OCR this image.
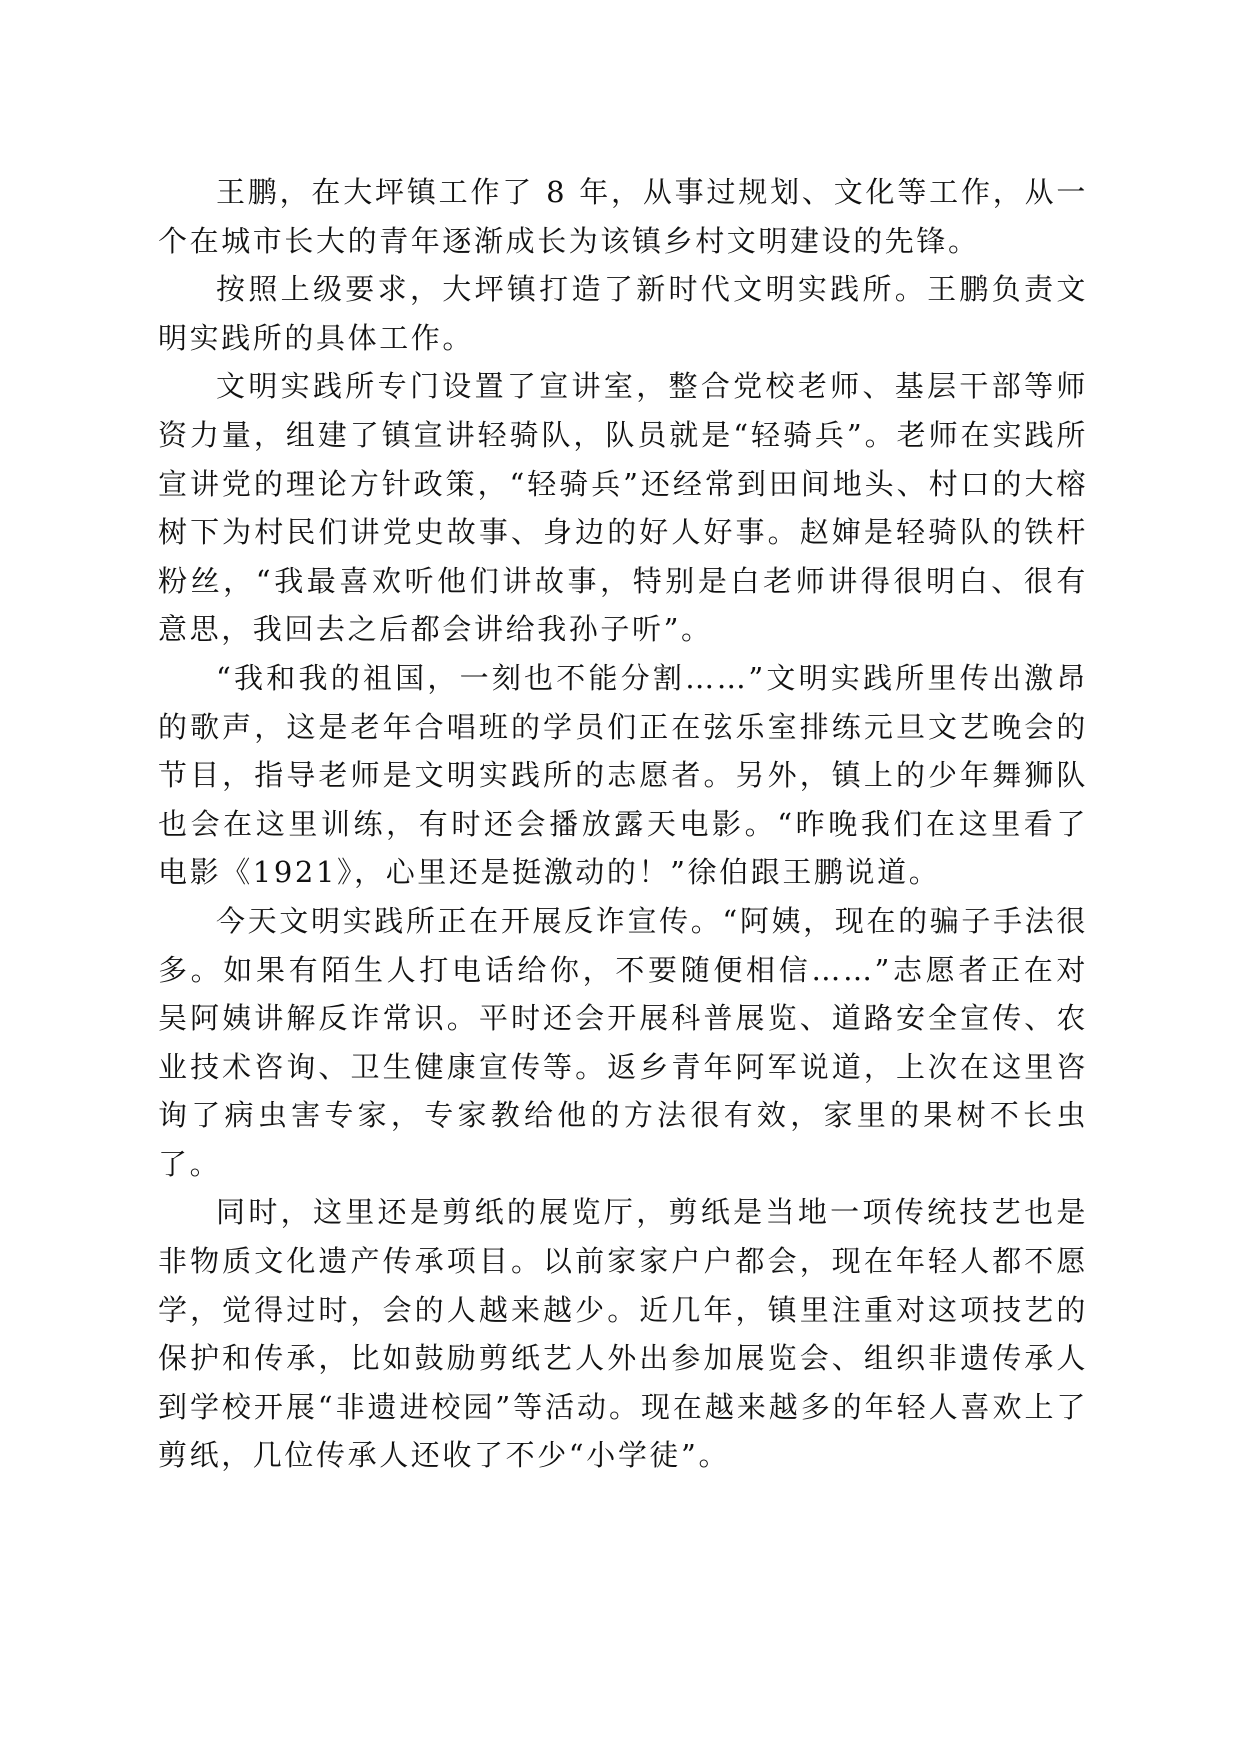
王鹏，在大坪镇工作了 8 年，从事过规划、文化等工作，从一个在城市长大的青年逐渐成长为该镇乡村文明建设的先锋。

按照上级要求，大坪镇打造了新时代文明实践所。王鹏负责文明实践所的具体工作。

文明实践所专门设置了宣讲室，整合党校老师、基层干部等师资力量，组建了镇宣讲轻骑队，队员就是“轻骑兵”。老师在实践所宣讲党的理论方针政策，“轻骑兵”还经常到田间地头、村口的大榕树下为村民们讲党史故事、身边的好人好事。赵婶是轻骑队的铁杆粉丝，“我最喜欢听他们讲故事，特别是白老师讲得很明白、很有意思，我回去之后都会讲给我孙子听”。

“我和我的祖国，一刻也不能分割……”文明实践所里传出激昂的歌声，这是老年合唱班的学员们正在弦乐室排练元旦文艺晚会的节目，指导老师是文明实践所的志愿者。另外，镇上的少年舞狮队也会在这里训练，有时还会播放露天电影。“昨晚我们在这里看了电影《1921》，心里还是挺激动的！”徐伯跟王鹏说道。

今天文明实践所正在开展反诈宣传。“阿姨，现在的骗子手法很多。如果有陌生人打电话给你，不要随便相信……”志愿者正在对吴阿姨讲解反诈常识。平时还会开展科普展览、道路安全宣传、农业技术咨询、卫生健康宣传等。返乡青年阿军说道，上次在这里咨询了病虫害专家，专家教给他的方法很有效，家里的果树不长虫了。

同时，这里还是剪纸的展览厅，剪纸是当地一项传统技艺也是非物质文化遗产传承项目。以前家家户户都会，现在年轻人都不愿学，觉得过时，会的人越来越少。近几年，镇里注重对这项技艺的保护和传承，比如鼓励剪纸艺人外出参加展览会、组织非遗传承人到学校开展“非遗进校园”等活动。现在越来越多的年轻人喜欢上了剪纸，几位传承人还收了不少“小学徒”。
